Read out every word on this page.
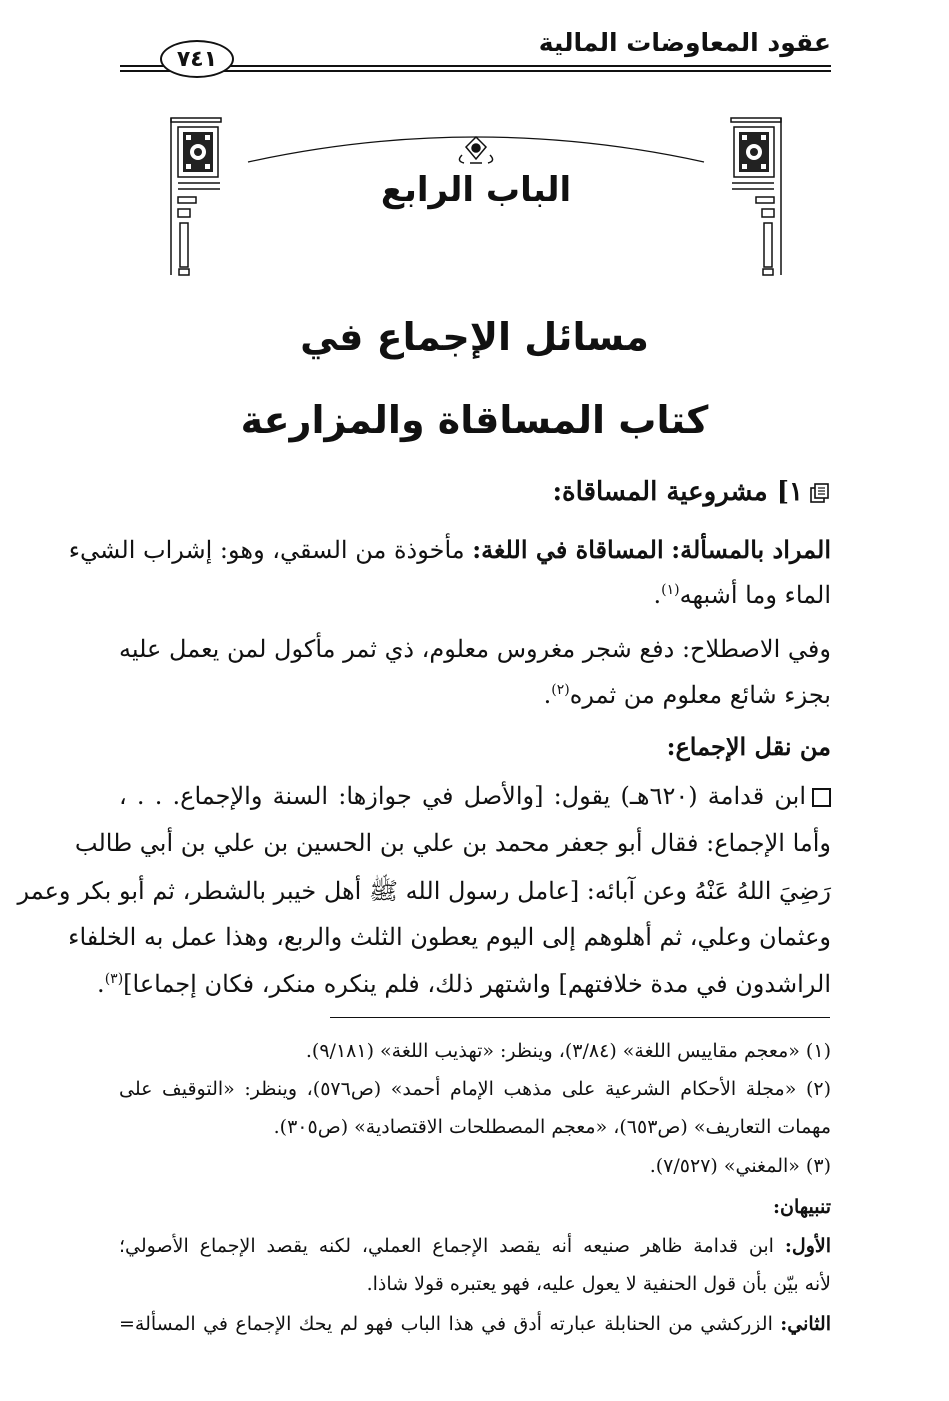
عقود المعاوضات المالية
٧٤١
الباب الرابع
مسائل الإجماع في
كتاب المساقاة والمزارعة
١] مشروعية المساقاة:
المراد بالمسألة: المساقاة في اللغة: مأخوذة من السقي، وهو: إشراب الشيء
الماء وما أشبهه$^{(١)}$.
وفي الاصطلاح: دفع شجر مغروس معلوم، ذي ثمر مأكول لمن يعمل عليه
بجزء شائع معلوم من ثمره$^{(٢)}$.
من نقل الإجماع:
ابن قدامة (٦٢٠هـ) يقول: [والأصل في جوازها: السنة والإجماع. . . ،
وأما الإجماع: فقال أبو جعفر محمد بن علي بن الحسين بن علي بن أبي طالب
رَضِيَ اللهُ عَنْهُ وعن آبائه: [عامل رسول الله ﷺ أهل خيبر بالشطر، ثم أبو بكر وعمر
وعثمان وعلي، ثم أهلوهم إلى اليوم يعطون الثلث والربع، وهذا عمل به الخلفاء
الراشدون في مدة خلافتهم] واشتهر ذلك، فلم ينكره منكر، فكان إجماعا]$^{(٣)}$.
(١) «معجم مقاييس اللغة» (٣/٨٤)، وينظر: «تهذيب اللغة» (٩/١٨١).
(٢) «مجلة الأحكام الشرعية على مذهب الإمام أحمد» (ص٥٧٦)، وينظر: «التوقيف على
مهمات التعاريف» (ص٦٥٣)، «معجم المصطلحات الاقتصادية» (ص٣٠٥).
(٣) «المغني» (٧/٥٢٧).
تنبيهان:
الأول: ابن قدامة ظاهر صنيعه أنه يقصد الإجماع العملي، لكنه يقصد الإجماع الأصولي؛
لأنه بيّن بأن قول الحنفية لا يعول عليه، فهو يعتبره قولا شاذا.
الثاني: الزركشي من الحنابلة عبارته أدق في هذا الباب فهو لم يحك الإجماع في المسألة=
